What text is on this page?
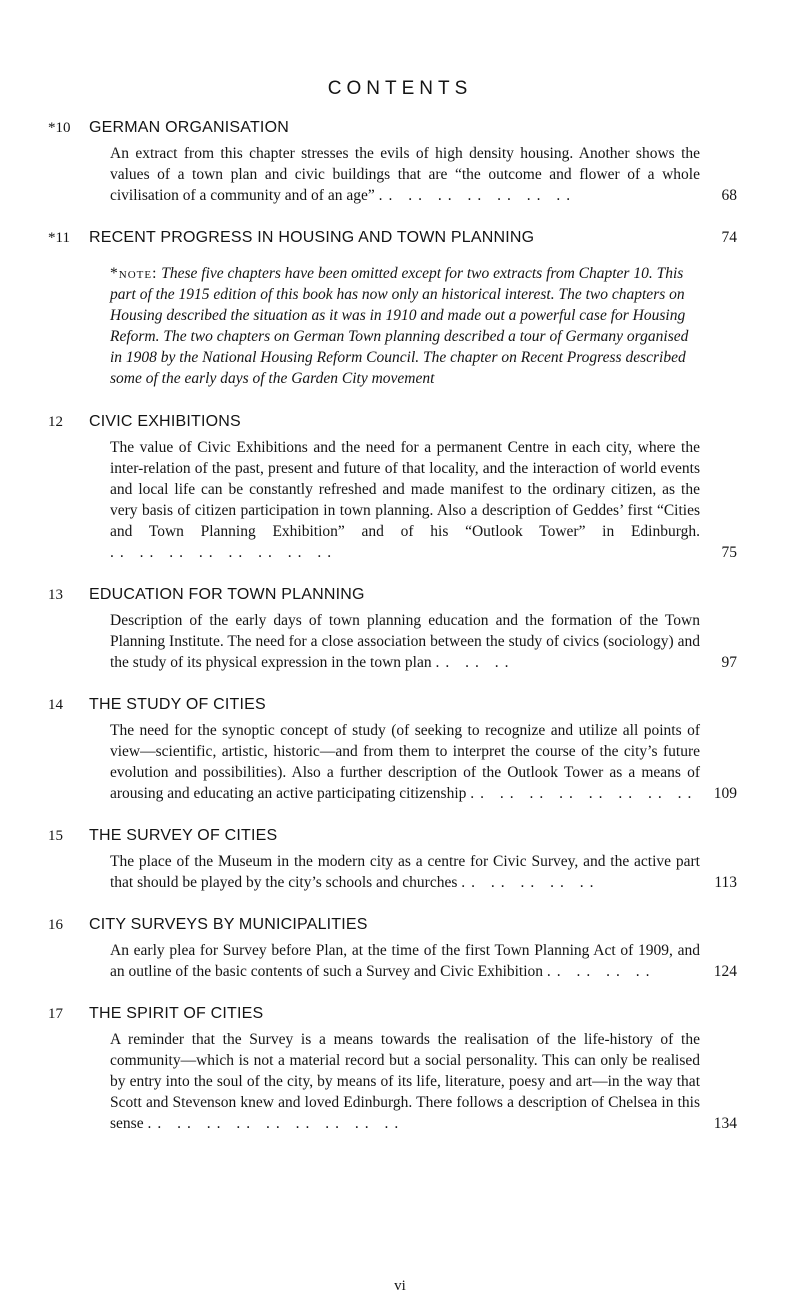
CONTENTS
*10	GERMAN ORGANISATION
An extract from this chapter stresses the evils of high density housing. Another shows the values of a town plan and civic buildings that are “the outcome and flower of a whole civilisation of a community and of an age” .. .. .. .. .. .. ..	68
*11	RECENT PROGRESS IN HOUSING AND TOWN PLANNING	74
*note: These five chapters have been omitted except for two extracts from Chapter 10. This part of the 1915 edition of this book has now only an historical interest. The two chapters on Housing described the situation as it was in 1910 and made out a powerful case for Housing Reform. The two chapters on German Town planning described a tour of Germany organised in 1908 by the National Housing Reform Council. The chapter on Recent Progress described some of the early days of the Garden City movement
12	CIVIC EXHIBITIONS
The value of Civic Exhibitions and the need for a permanent Centre in each city, where the inter-relation of the past, present and future of that locality, and the interaction of world events and local life can be constantly refreshed and made manifest to the ordinary citizen, as the very basis of citizen participation in town planning. Also a description of Geddes’ first “Cities and Town Planning Exhibition” and of his “Outlook Tower” in Edinburgh. .. .. .. .. .. .. .. ..	75
13	EDUCATION FOR TOWN PLANNING
Description of the early days of town planning education and the formation of the Town Planning Institute. The need for a close association between the study of civics (sociology) and the study of its physical expression in the town plan .. .. ..	97
14	THE STUDY OF CITIES
The need for the synoptic concept of study (of seeking to recognize and utilize all points of view—scientific, artistic, historic—and from them to interpret the course of the city’s future evolution and possibilities). Also a further description of the Outlook Tower as a means of arousing and educating an active participating citizenship .. .. .. .. .. .. .. ..	109
15	THE SURVEY OF CITIES
The place of the Museum in the modern city as a centre for Civic Survey, and the active part that should be played by the city’s schools and churches .. .. .. .. ..	113
16	CITY SURVEYS BY MUNICIPALITIES
An early plea for Survey before Plan, at the time of the first Town Planning Act of 1909, and an outline of the basic contents of such a Survey and Civic Exhibition .. .. .. ..	124
17	THE SPIRIT OF CITIES
A reminder that the Survey is a means towards the realisation of the life-history of the community—which is not a material record but a social personality. This can only be realised by entry into the soul of the city, by means of its life, literature, poesy and art—in the way that Scott and Stevenson knew and loved Edinburgh. There follows a description of Chelsea in this sense .. .. .. .. .. .. .. .. ..	134
vi
